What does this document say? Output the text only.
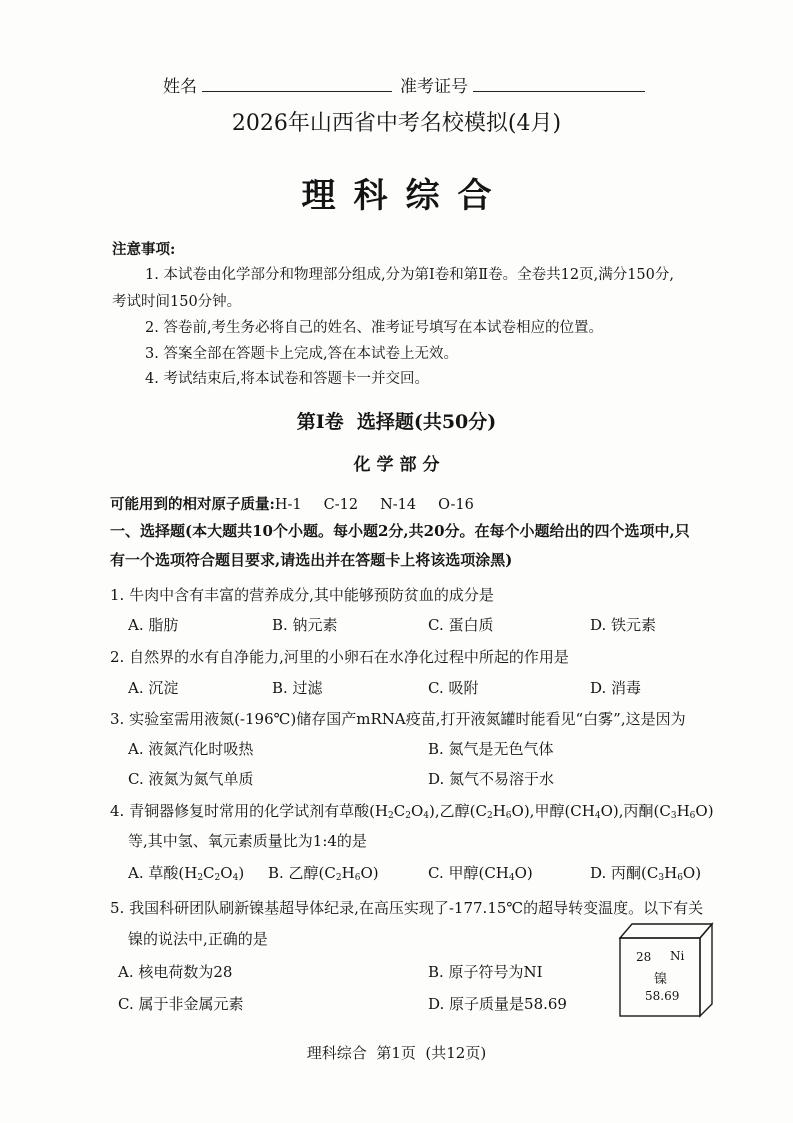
姓名	准考证号
2026年山西省中考名校模拟(4月)
理科综合
注意事项:
1. 本试卷由化学部分和物理部分组成,分为第Ⅰ卷和第Ⅱ卷。全卷共12页,满分150分,
考试时间150分钟。
2. 答卷前,考生务必将自己的姓名、准考证号填写在本试卷相应的位置。
3. 答案全部在答题卡上完成,答在本试卷上无效。
4. 考试结束后,将本试卷和答题卡一并交回。
第Ⅰ卷  选择题(共50分)
化学部分
可能用到的相对原子质量:H-1 C-12 N-14 O-16
一、选择题(本大题共10个小题。每小题2分,共20分。在每个小题给出的四个选项中,只
有一个选项符合题目要求,请选出并在答题卡上将该选项涂黑)
1. 牛肉中含有丰富的营养成分,其中能够预防贫血的成分是
A. 脂肪	B. 钠元素	C. 蛋白质	D. 铁元素
2. 自然界的水有自净能力,河里的小卵石在水净化过程中所起的作用是
A. 沉淀	B. 过滤	C. 吸附	D. 消毒
3. 实验室需用液氮(-196℃)储存国产mRNA疫苗,打开液氮罐时能看见“白雾”,这是因为
A. 液氮汽化时吸热	B. 氮气是无色气体
C. 液氮为氮气单质	D. 氮气不易溶于水
4. 青铜器修复时常用的化学试剂有草酸$(H_2C_2O_4)$,乙醇$(C_2H_6O)$,甲醇$(CH_4O)$,丙酮$(C_3H_6O)$
等,其中氢、氧元素质量比为1:4的是
A. 草酸$(H_2C_2O_4)$ B. 乙醇$(C_2H_6O)$	C. 甲醇$(CH_4O)$	D. 丙酮$(C_3H_6O)$
5. 我国科研团队刷新镍基超导体纪录,在高压实现了-177.15℃的超导转变温度。以下有关
镍的说法中,正确的是
A. 核电荷数为28	B. 原子符号为NI
C. 属于非金属元素	D. 原子质量是58.69
28 Ni
镍
58.69
理科综合  第1页  (共12页)
